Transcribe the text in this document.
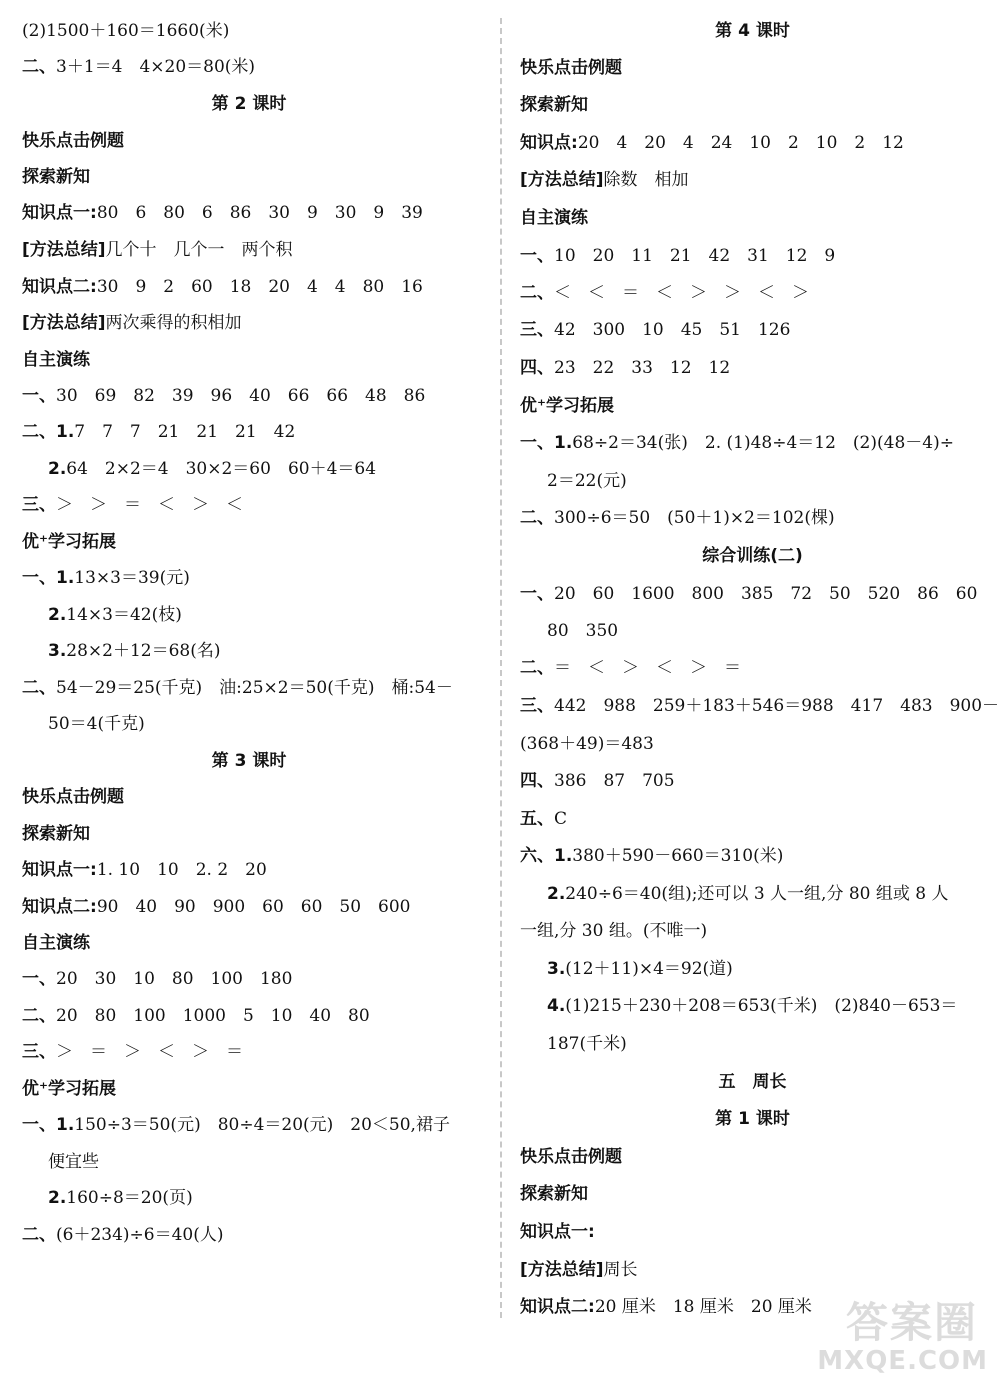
(2)1500＋160＝1660(米)
二、3＋1＝4　4×20＝80(米)
第 2 课时
快乐点击例题
探索新知
知识点一:80　6　80　6　86　30　9　30　9　39
[方法总结]几个十　几个一　两个积
知识点二:30　9　2　60　18　20　4　4　80　16
[方法总结]两次乘得的积相加
自主演练
一、30　69　82　39　96　40　66　66　48　86
二、1.7　7　7　21　21　21　42
2.64　2×2＝4　30×2＝60　60＋4＝64
三、＞　＞　＝　＜　＞　＜
优⁺学习拓展
一、1.13×3＝39(元)
2.14×3＝42(枝)
3.28×2＋12＝68(名)
二、54－29＝25(千克)　油:25×2＝50(千克)　桶:54－
50＝4(千克)
第 3 课时
快乐点击例题
探索新知
知识点一:1. 10　10　2. 2　20
知识点二:90　40　90　900　60　60　50　600
自主演练
一、20　30　10　80　100　180
二、20　80　100　1000　5　10　40　80
三、＞　＝　＞　＜　＞　＝
优⁺学习拓展
一、1.150÷3＝50(元)　80÷4＝20(元)　20＜50,裙子
便宜些
2.160÷8＝20(页)
二、(6＋234)÷6＝40(人)
第 4 课时
快乐点击例题
探索新知
知识点:20　4　20　4　24　10　2　10　2　12
[方法总结]除数　相加
自主演练
一、10　20　11　21　42　31　12　9
二、＜　＜　＝　＜　＞　＞　＜　＞
三、42　300　10　45　51　126
四、23　22　33　12　12
优⁺学习拓展
一、1.68÷2＝34(张)　2. (1)48÷4＝12　(2)(48－4)÷
2＝22(元)
二、300÷6＝50　(50＋1)×2＝102(棵)
综合训练(二)
一、20　60　1600　800　385　72　50　520　86　60
80　350
二、＝　＜　＞　＜　＞　＝
三、442　988　259＋183＋546＝988　417　483　900－
(368＋49)＝483
四、386　87　705
五、C
六、1.380＋590－660＝310(米)
2.240÷6＝40(组);还可以 3 人一组,分 80 组或 8 人
一组,分 30 组。(不唯一)
3.(12＋11)×4＝92(道)
4.(1)215＋230＋208＝653(千米)　(2)840－653＝
187(千米)
五　周长
第 1 课时
快乐点击例题
探索新知
知识点一:
[方法总结]周长
知识点二:20 厘米　18 厘米　20 厘米 答案圈
MXQE.COM
